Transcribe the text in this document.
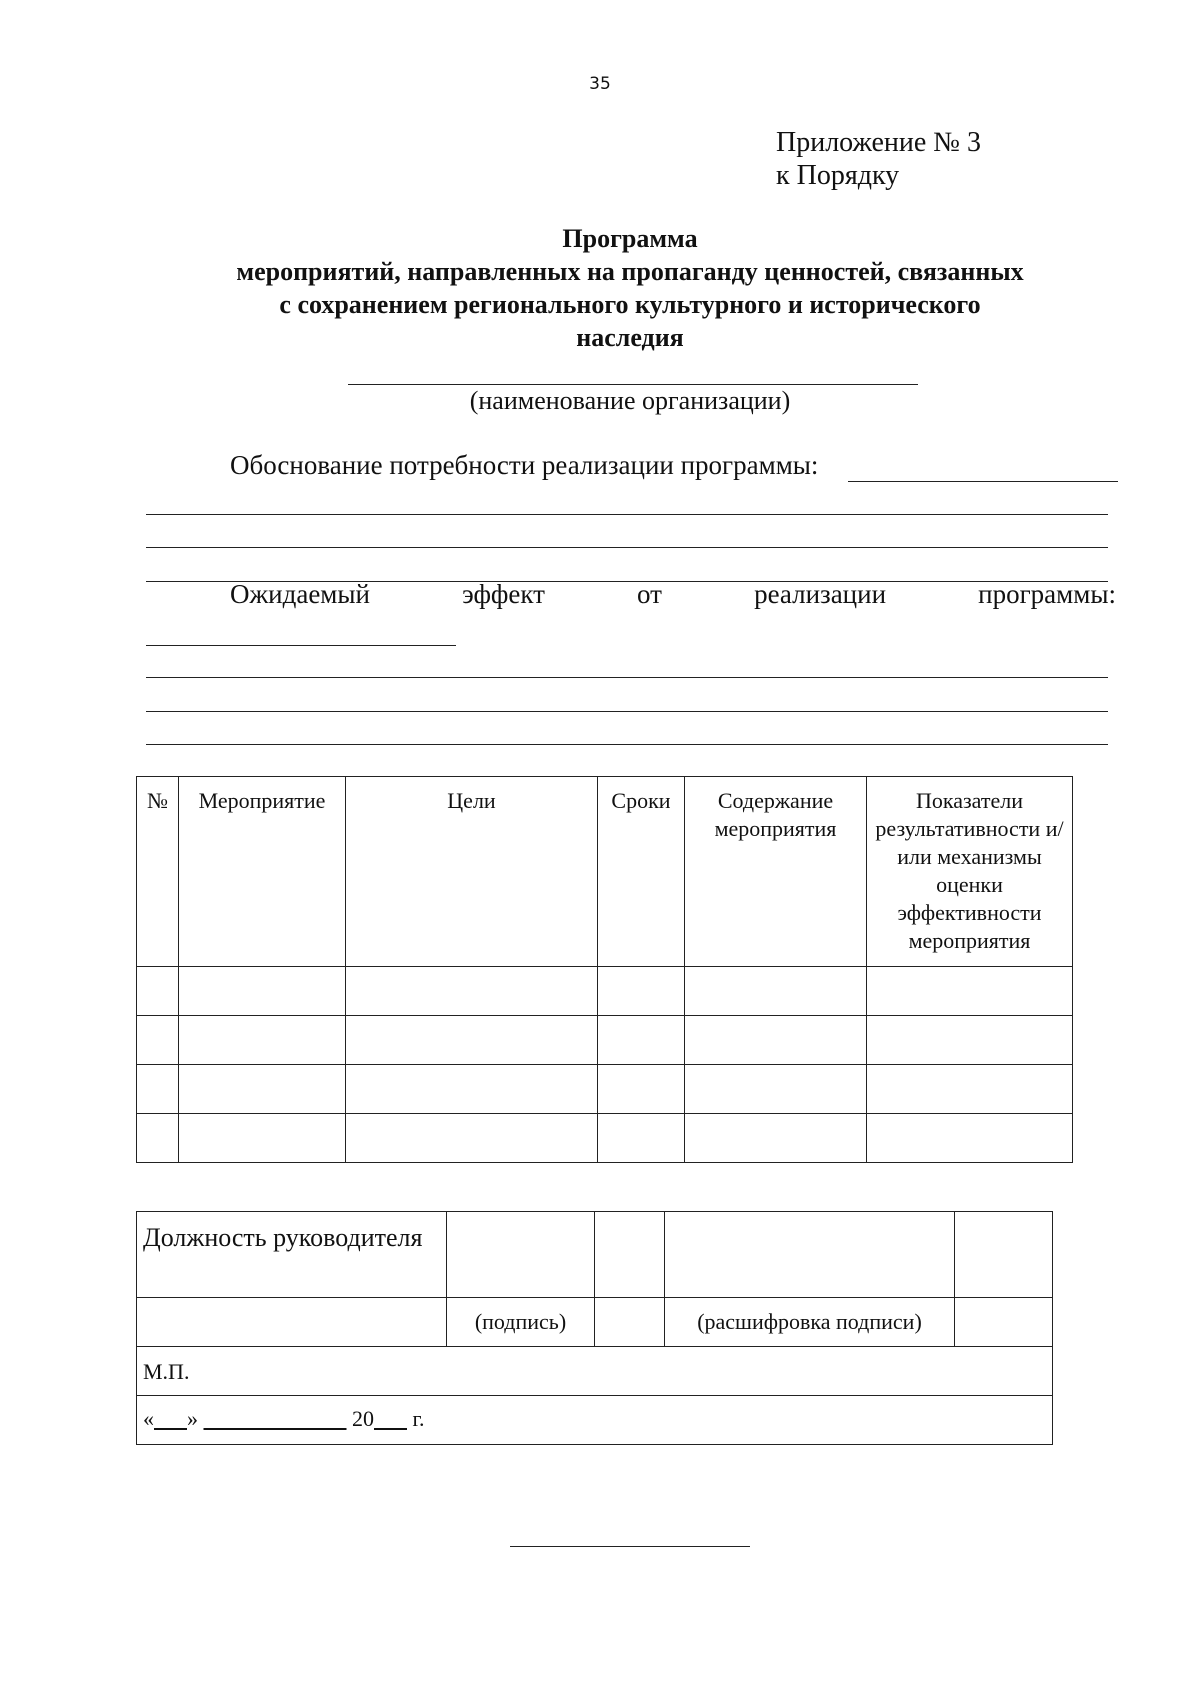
35
Приложение № 3
к Порядку
Программа
мероприятий, направленных на пропаганду ценностей, связанных
с сохранением регионального культурного и исторического
наследия
(наименование организации)
Обоснование потребности реализации программы:
Ожидаемый	эффект	от	реализации	программы:
№	Мероприятие	Цели	Сроки	Содержание мероприятия	Показатели результативности и/или механизмы оценки эффективности мероприятия

Должность руководителя				
	(подпись)		(расшифровка подписи)	
М.П.				
« » 20 г.				
